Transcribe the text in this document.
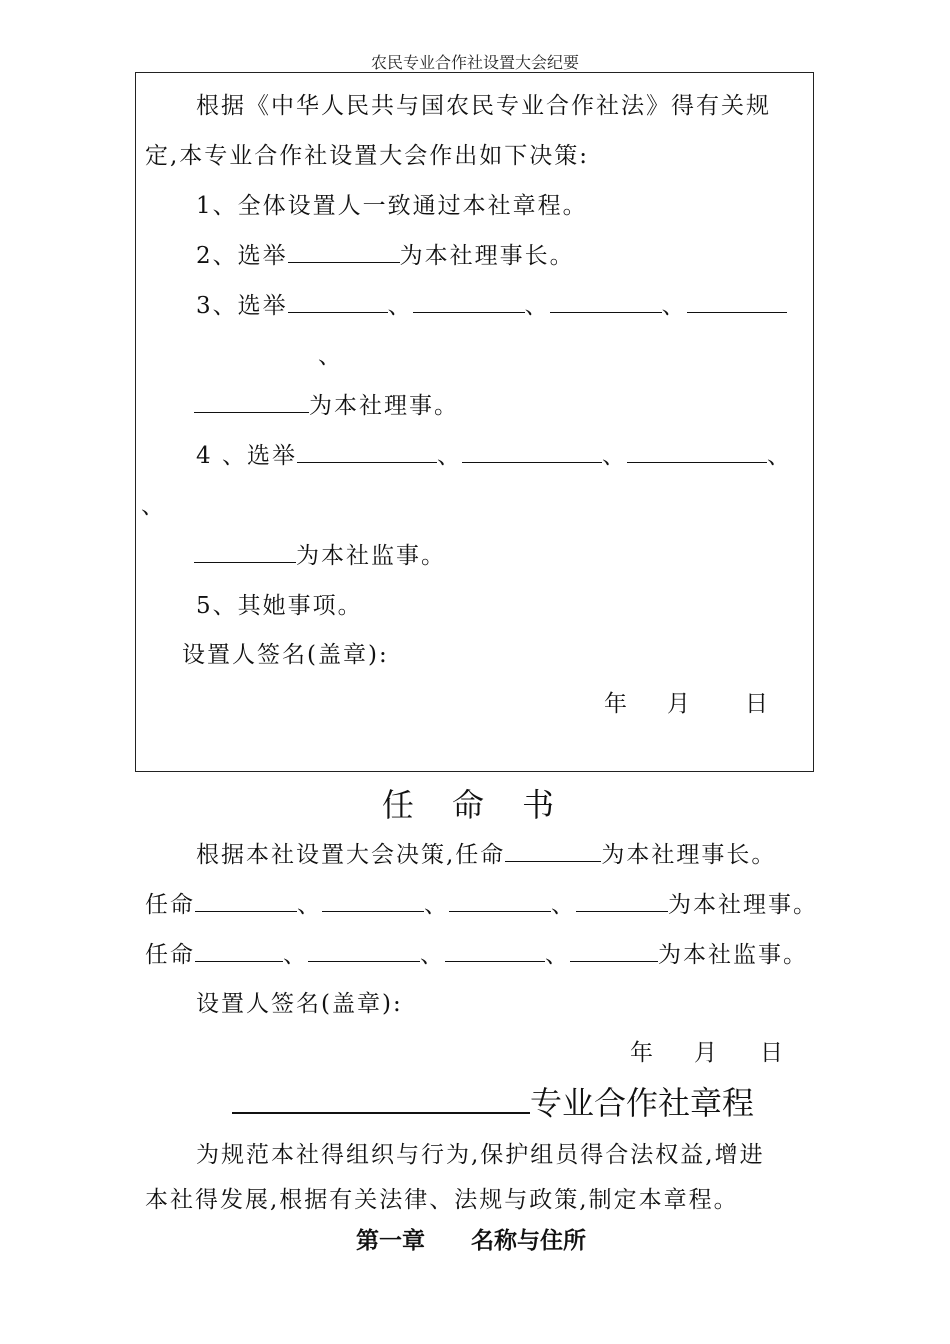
农民专业合作社设置大会纪要
根据《中华人民共与国农民专业合作社法》得有关规
定,本专业合作社设置大会作出如下决策:
1、全体设置人一致通过本社章程。
2、选举	为本社理事长。
3、选举	、	、	、
、
为本社理事。
4 、选举	、	、	、
、
为本社监事。
5、其她事项。
设置人签名(盖章):
年 月 日
任 命 书
根据本社设置大会决策,任命	为本社理事长。
任命	、	、	、	为本社理事。
任命	、	、	、	为本社监事。
设置人签名(盖章):
年 月 日
专业合作社章程
为规范本社得组织与行为,保护组员得合法权益,增进
本社得发展,根据有关法律、法规与政策,制定本章程。
第一章　　名称与住所
